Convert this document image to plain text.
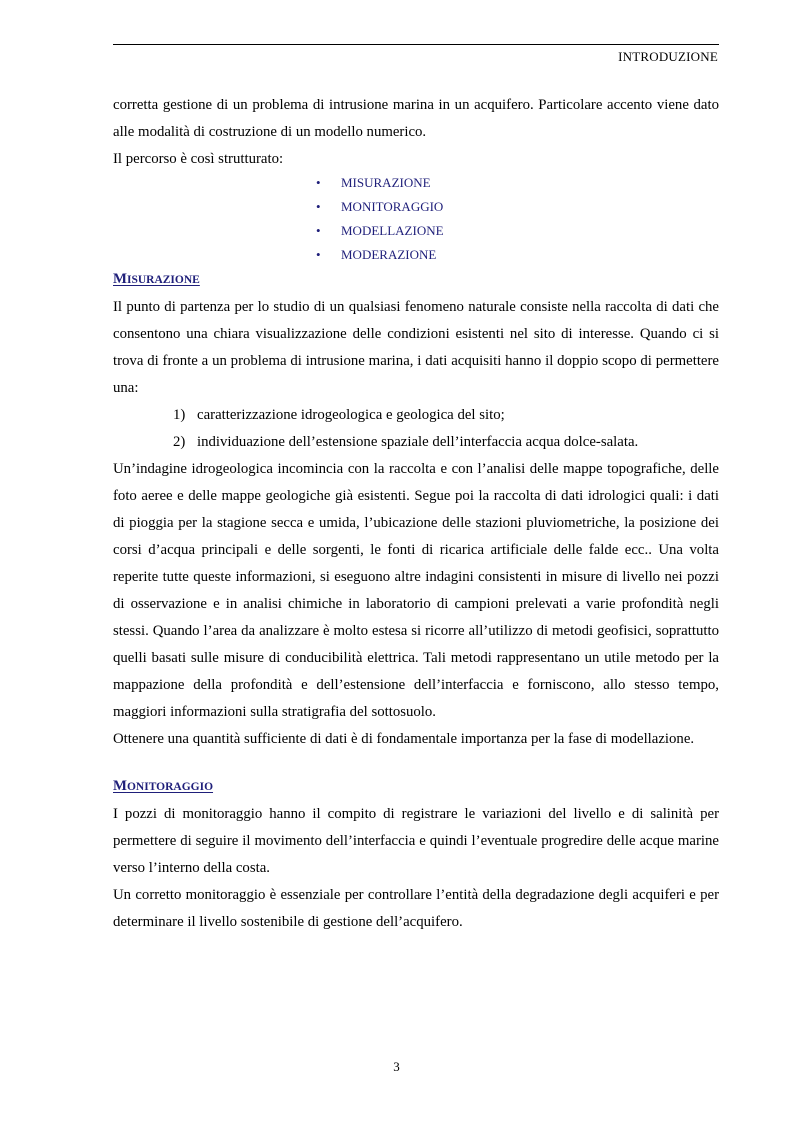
INTRODUZIONE

corretta gestione di un problema di intrusione marina in un acquifero. Particolare accento viene dato alle modalità di costruzione di un modello numerico.

Il percorso è così strutturato:

• MISURAZIONE
• MONITORAGGIO
• MODELLAZIONE
• MODERAZIONE
MISURAZIONE

Il punto di partenza per lo studio di un qualsiasi fenomeno naturale consiste nella raccolta di dati che consentono una chiara visualizzazione delle condizioni esistenti nel sito di interesse. Quando ci si trova di fronte a un problema di intrusione marina, i dati acquisiti hanno il doppio scopo di permettere una:

1) caratterizzazione idrogeologica e geologica del sito;
2) individuazione dell’estensione spaziale dell’interfaccia acqua dolce-salata.

Un’indagine idrogeologica incomincia con la raccolta e con l’analisi delle mappe topografiche, delle foto aeree e delle mappe geologiche già esistenti. Segue poi la raccolta di dati idrologici quali: i dati di pioggia per la stagione secca e umida, l’ubicazione delle stazioni pluviometriche, la posizione dei corsi d’acqua principali e delle sorgenti, le fonti di ricarica artificiale delle falde ecc.. Una volta reperite tutte queste informazioni, si eseguono altre indagini consistenti in misure di livello nei pozzi di osservazione e in analisi chimiche in laboratorio di campioni prelevati a varie profondità negli stessi. Quando l’area da analizzare è molto estesa si ricorre all’utilizzo di metodi geofisici, soprattutto quelli basati sulle misure di conducibilità elettrica. Tali metodi rappresentano un utile metodo per la mappazione della profondità e dell’estensione dell’interfaccia e forniscono, allo stesso tempo, maggiori informazioni sulla stratigrafia del sottosuolo.

Ottenere una quantità sufficiente di dati è di fondamentale importanza per la fase di modellazione.

MONITORAGGIO

I pozzi di monitoraggio hanno il compito di registrare le variazioni del livello e di salinità per permettere di seguire il movimento dell’interfaccia e quindi l’eventuale progredire delle acque marine verso l’interno della costa.

Un corretto monitoraggio è essenziale per controllare l’entità della degradazione degli acquiferi e per determinare il livello sostenibile di gestione dell’acquifero.

3
